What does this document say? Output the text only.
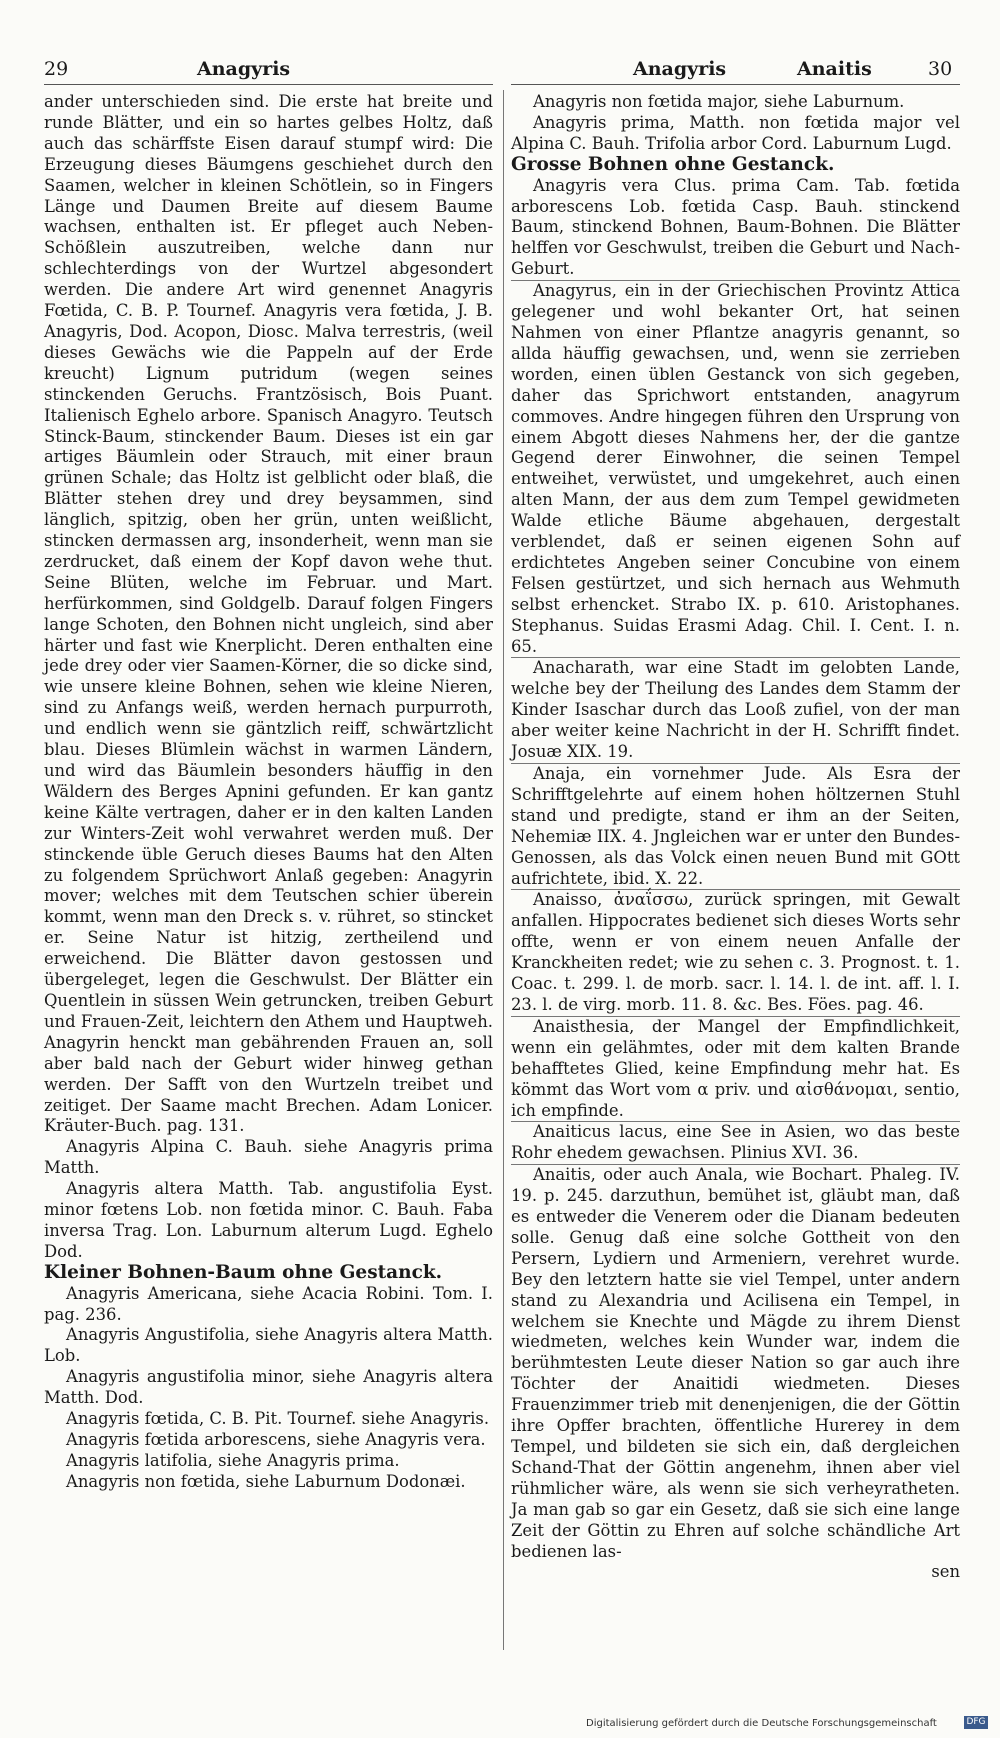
29	Anagyris	Anagyris	Anaitis	30

ander unterschieden sind. Die erste hat breite und runde Blätter, und ein so hartes gelbes Holtz, daß auch das schärffste Eisen darauf stumpf wird: Die Erzeugung dieses Bäumgens geschiehet durch den Saamen, welcher in kleinen Schötlein, so in Fingers Länge und Daumen Breite auf diesem Baume wachsen, enthalten ist. Er pfleget auch Neben-Schößlein auszutreiben, welche dann nur schlechterdings von der Wurtzel abgesondert werden. Die andere Art wird genennet Anagyris Fœtida, C. B. P. Tournef. Anagyris vera fœtida, J. B. Anagyris, Dod. Acopon, Diosc. Malva terrestris, (weil dieses Gewächs wie die Pappeln auf der Erde kreucht) Lignum putridum (wegen seines stinckenden Geruchs. Frantzösisch, Bois Puant. Italienisch Eghelo arbore. Spanisch Anagyro. Teutsch Stinck-Baum, stinckender Baum. Dieses ist ein gar artiges Bäumlein oder Strauch, mit einer braun grünen Schale; das Holtz ist gelblicht oder blaß, die Blätter stehen drey und drey beysammen, sind länglich, spitzig, oben her grün, unten weißlicht, stincken dermassen arg, insonderheit, wenn man sie zerdrucket, daß einem der Kopf davon wehe thut. Seine Blüten, welche im Februar. und Mart. herfürkommen, sind Goldgelb. Darauf folgen Fingers lange Schoten, den Bohnen nicht ungleich, sind aber härter und fast wie Knerplicht. Deren enthalten eine jede drey oder vier Saamen-Körner, die so dicke sind, wie unsere kleine Bohnen, sehen wie kleine Nieren, sind zu Anfangs weiß, werden hernach purpurroth, und endlich wenn sie gäntzlich reiff, schwärtzlicht blau. Dieses Blümlein wächst in warmen Ländern, und wird das Bäumlein besonders häuffig in den Wäldern des Berges Apnini gefunden. Er kan gantz keine Kälte vertragen, daher er in den kalten Landen zur Winters-Zeit wohl verwahret werden muß. Der stinckende üble Geruch dieses Baums hat den Alten zu folgendem Sprüchwort Anlaß gegeben: Anagyrin mover; welches mit dem Teutschen schier überein kommt, wenn man den Dreck s. v. rühret, so stincket er. Seine Natur ist hitzig, zertheilend und erweichend. Die Blätter davon gestossen und übergeleget, legen die Geschwulst. Der Blätter ein Quentlein in süssen Wein getruncken, treiben Geburt und Frauen-Zeit, leichtern den Athem und Hauptweh. Anagyrin henckt man gebährenden Frauen an, soll aber bald nach der Geburt wider hinweg gethan werden. Der Safft von den Wurtzeln treibet und zeitiget. Der Saame macht Brechen. Adam Lonicer. Kräuter-Buch. pag. 131.

Anagyris Alpina C. Bauh. siehe Anagyris prima Matth.

Anagyris altera Matth. Tab. angustifolia Eyst. minor fœtens Lob. non fœtida minor. C. Bauh. Faba inversa Trag. Lon. Laburnum alterum Lugd. Eghelo Dod.

Kleiner Bohnen-Baum ohne Gestanck.

Anagyris Americana, siehe Acacia Robini. Tom. I. pag. 236.

Anagyris Angustifolia, siehe Anagyris altera Matth. Lob.

Anagyris angustifolia minor, siehe Anagyris altera Matth. Dod.

Anagyris fœtida, C. B. Pit. Tournef. siehe Anagyris.

Anagyris fœtida arborescens, siehe Anagyris vera.

Anagyris latifolia, siehe Anagyris prima.

Anagyris non fœtida, siehe Laburnum Dodonæi.

Anagyris non fœtida major, siehe Laburnum.

Anagyris prima, Matth. non fœtida major vel Alpina C. Bauh. Trifolia arbor Cord. Laburnum Lugd.

Grosse Bohnen ohne Gestanck.

Anagyris vera Clus. prima Cam. Tab. fœtida arborescens Lob. fœtida Casp. Bauh. stinckend Baum, stinckend Bohnen, Baum-Bohnen. Die Blätter helffen vor Geschwulst, treiben die Geburt und Nach-Geburt.

Anagyrus, ein in der Griechischen Provintz Attica gelegener und wohl bekanter Ort, hat seinen Nahmen von einer Pflantze anagyris genannt, so allda häuffig gewachsen, und, wenn sie zerrieben worden, einen üblen Gestanck von sich gegeben, daher das Sprichwort entstanden, anagyrum commoves. Andre hingegen führen den Ursprung von einem Abgott dieses Nahmens her, der die gantze Gegend derer Einwohner, die seinen Tempel entweihet, verwüstet, und umgekehret, auch einen alten Mann, der aus dem zum Tempel gewidmeten Walde etliche Bäume abgehauen, dergestalt verblendet, daß er seinen eigenen Sohn auf erdichtetes Angeben seiner Concubine von einem Felsen gestürtzet, und sich hernach aus Wehmuth selbst erhencket. Strabo IX. p. 610. Aristophanes. Stephanus. Suidas Erasmi Adag. Chil. I. Cent. I. n. 65.

Anacharath, war eine Stadt im gelobten Lande, welche bey der Theilung des Landes dem Stamm der Kinder Isaschar durch das Looß zufiel, von der man aber weiter keine Nachricht in der H. Schrifft findet. Josuæ XIX. 19.

Anaja, ein vornehmer Jude. Als Esra der Schrifftgelehrte auf einem hohen höltzernen Stuhl stand und predigte, stand er ihm an der Seiten, Nehemiæ IIX. 4. Jngleichen war er unter den Bundes-Genossen, als das Volck einen neuen Bund mit GOtt aufrichtete, ibid. X. 22.

Anaisso, ἀναΐσσω, zurück springen, mit Gewalt anfallen. Hippocrates bedienet sich dieses Worts sehr offte, wenn er von einem neuen Anfalle der Kranckheiten redet; wie zu sehen c. 3. Prognost. t. 1. Coac. t. 299. l. de morb. sacr. l. 14. l. de int. aff. l. I. 23. l. de virg. morb. 11. 8. &c. Bes. Föes. pag. 46.

Anaisthesia, der Mangel der Empfindlichkeit, wenn ein gelähmtes, oder mit dem kalten Brande behafftetes Glied, keine Empfindung mehr hat. Es kömmt das Wort vom α priv. und αἰσθάνομαι, sentio, ich empfinde.

Anaiticus lacus, eine See in Asien, wo das beste Rohr ehedem gewachsen. Plinius XVI. 36.

Anaitis, oder auch Anala, wie Bochart. Phaleg. IV. 19. p. 245. darzuthun, bemühet ist, gläubt man, daß es entweder die Venerem oder die Dianam bedeuten solle. Genug daß eine solche Gottheit von den Persern, Lydiern und Armeniern, verehret wurde. Bey den letztern hatte sie viel Tempel, unter andern stand zu Alexandria und Acilisena ein Tempel, in welchem sie Knechte und Mägde zu ihrem Dienst wiedmeten, welches kein Wunder war, indem die berühmtesten Leute dieser Nation so gar auch ihre Töchter der Anaitidi wiedmeten. Dieses Frauenzimmer trieb mit denenjenigen, die der Göttin ihre Opffer brachten, öffentliche Hurerey in dem Tempel, und bildeten sie sich ein, daß dergleichen Schand-That der Göttin angenehm, ihnen aber viel rühmlicher wäre, als wenn sie sich verheyratheten. Ja man gab so gar ein Gesetz, daß sie sich eine lange Zeit der Göttin zu Ehren auf solche schändliche Art bedienen las-

sen

Digitalisierung gefördert durch die Deutsche Forschungsgemeinschaft	DFG
